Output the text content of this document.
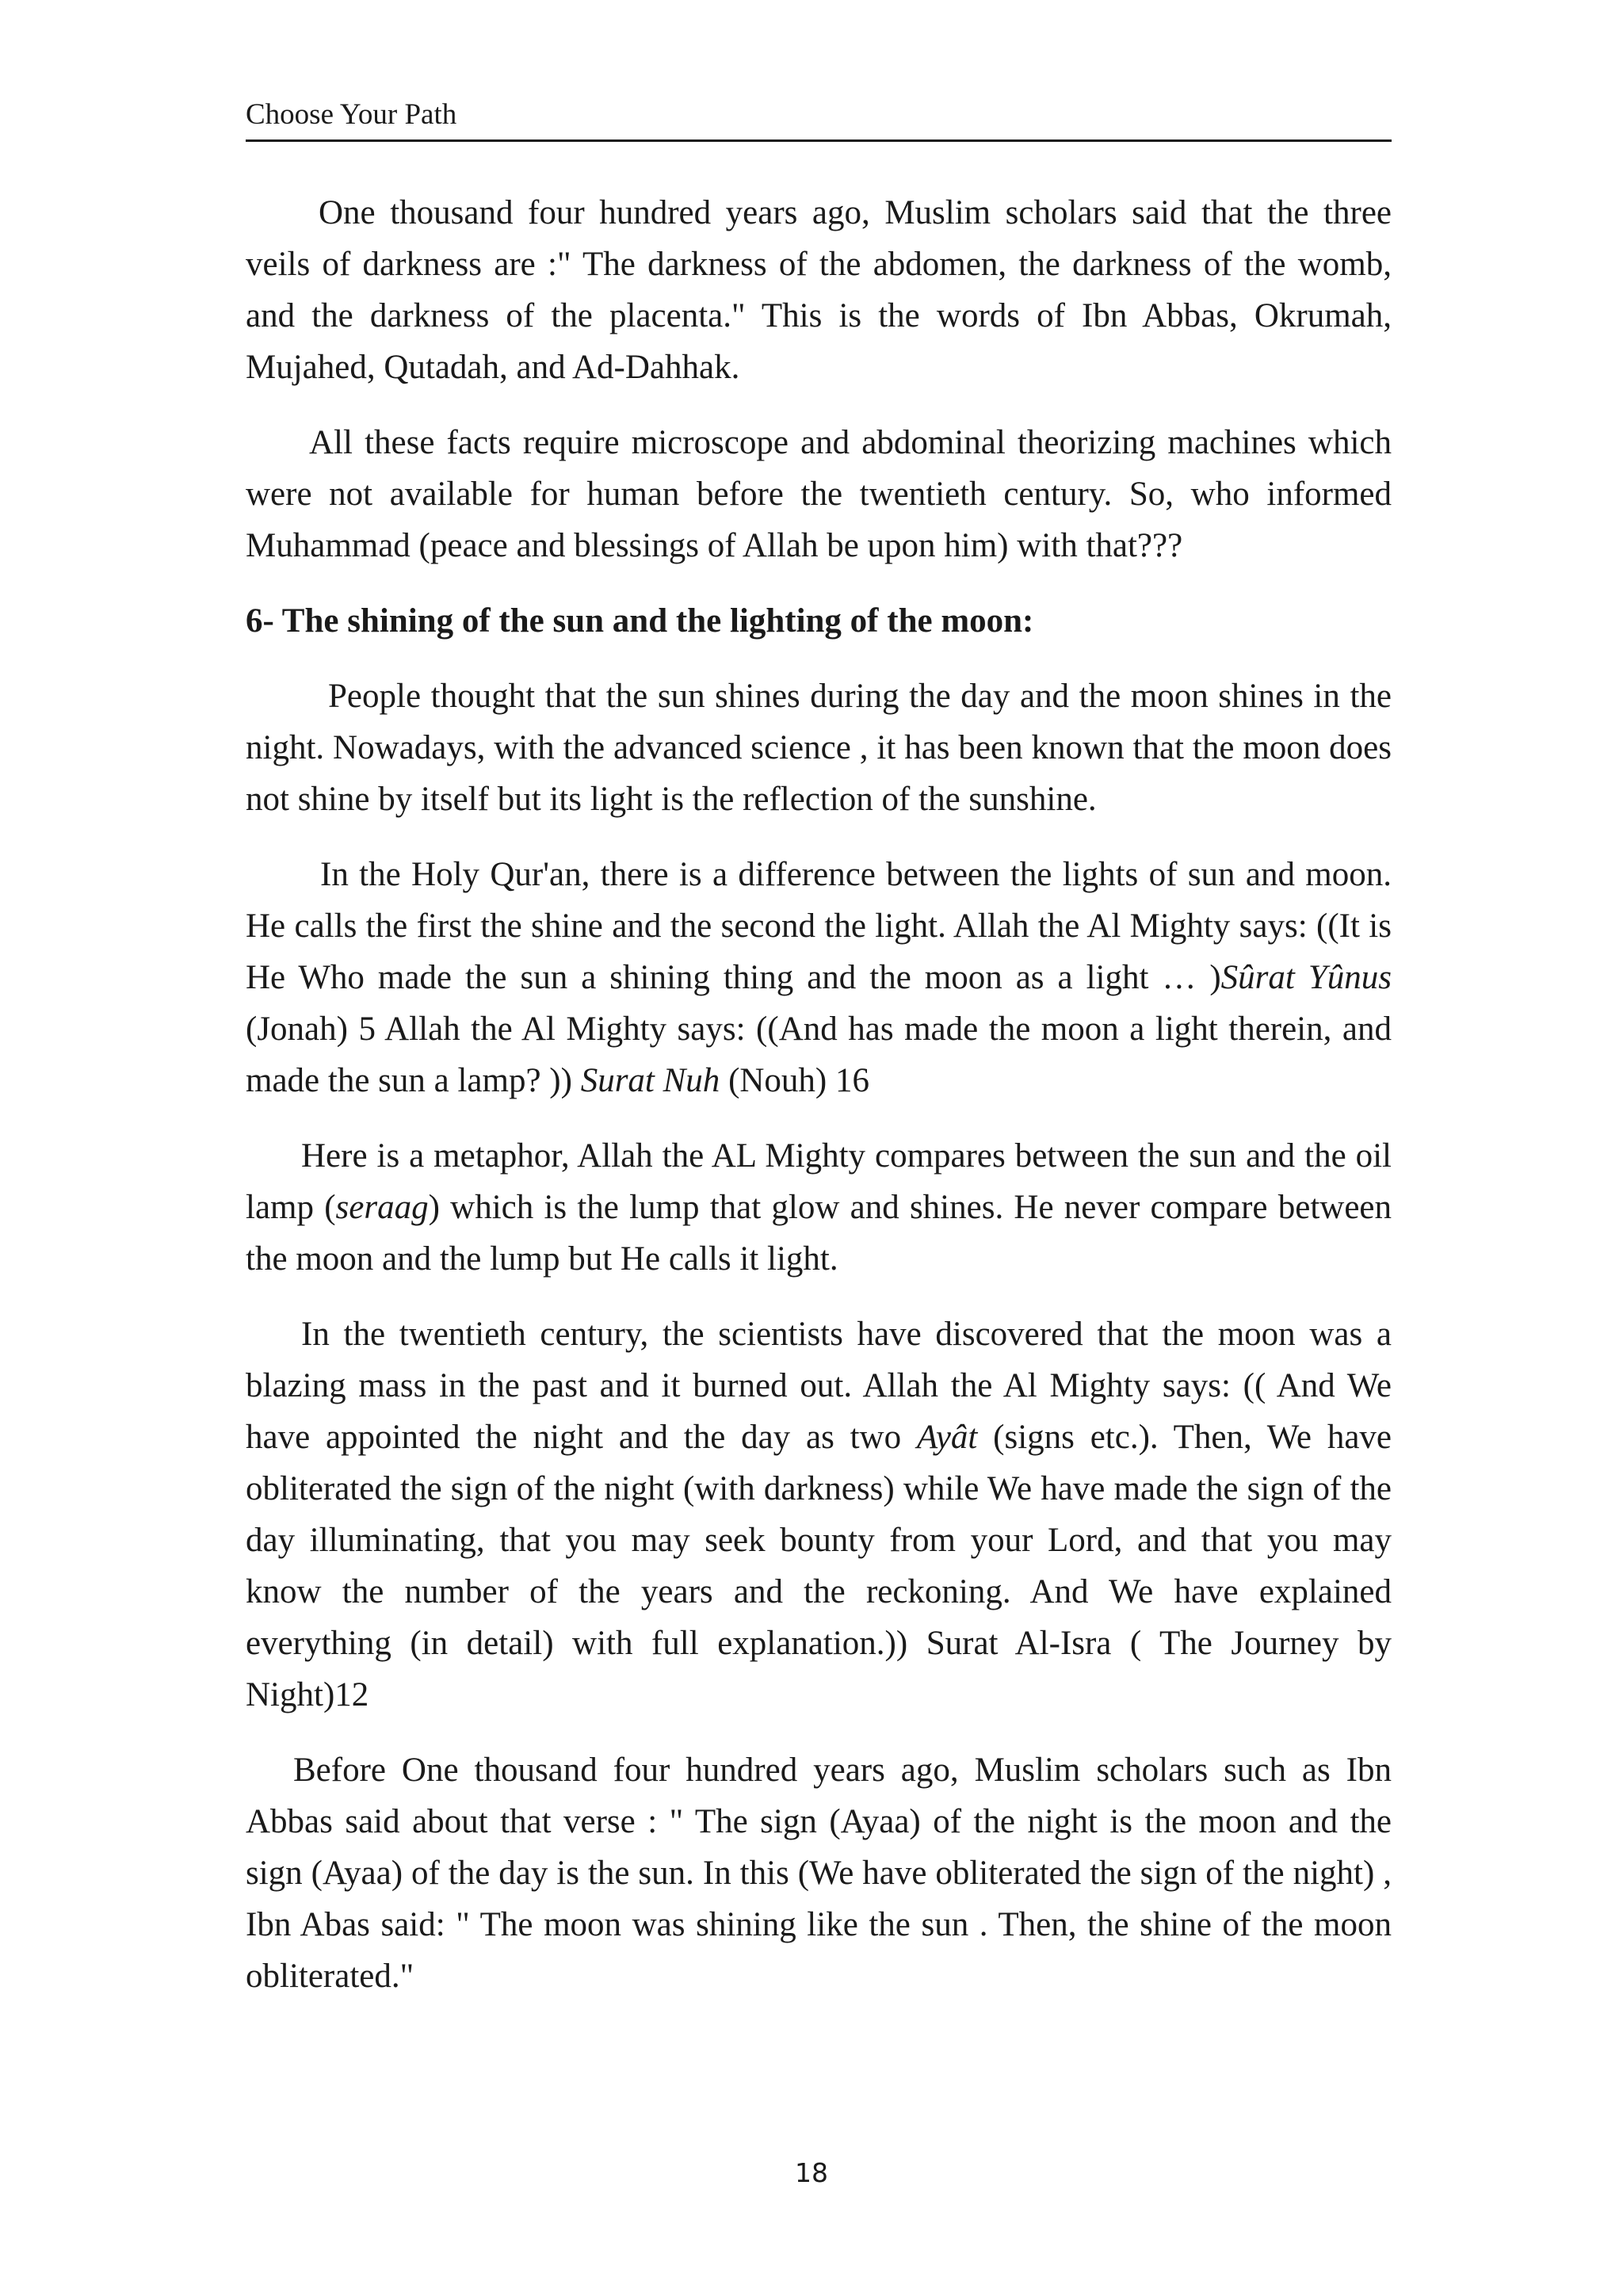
Choose Your Path

One thousand four hundred years ago, Muslim scholars said that the three veils of darkness are :" The darkness of the abdomen, the darkness of the womb, and the darkness of the placenta." This is the words of Ibn Abbas, Okrumah, Mujahed, Qutadah, and Ad-Dahhak.

All these facts require microscope and abdominal theorizing machines which were not available for human before the twentieth century. So, who informed Muhammad (peace and blessings of Allah be upon him) with that???

6- The shining of the sun and the lighting of the moon:

People thought that the sun shines during the day and the moon shines in the night. Nowadays, with the advanced science , it has been known that the moon does not shine by itself but its light is the reflection of the sunshine.

In the Holy Qur'an, there is a difference between the lights of sun and moon. He calls the first the shine and the second the light. Allah the Al Mighty says: ((It is He Who made the sun a shining thing and the moon as a light … )Sûrat Yûnus (Jonah) 5 Allah the Al Mighty says: ((And has made the moon a light therein, and made the sun a lamp? )) Surat Nuh (Nouh) 16

Here is a metaphor, Allah the AL Mighty compares between the sun and the oil lamp (seraag) which is the lump that glow and shines. He never compare between the moon and the lump but He calls it light.

In the twentieth century, the scientists have discovered that the moon was a blazing mass in the past and it burned out. Allah the Al Mighty says: (( And We have appointed the night and the day as two Ayât (signs etc.). Then, We have obliterated the sign of the night (with darkness) while We have made the sign of the day illuminating, that you may seek bounty from your Lord, and that you may know the number of the years and the reckoning. And We have explained everything (in detail) with full explanation.)) Surat Al-Isra ( The Journey by Night)12

Before One thousand four hundred years ago, Muslim scholars such as Ibn Abbas said about that verse : " The sign (Ayaa) of the night is the moon and the sign (Ayaa) of the day is the sun. In this (We have obliterated the sign of the night) , Ibn Abas said: " The moon was shining like the sun . Then, the shine of the moon obliterated."

18
